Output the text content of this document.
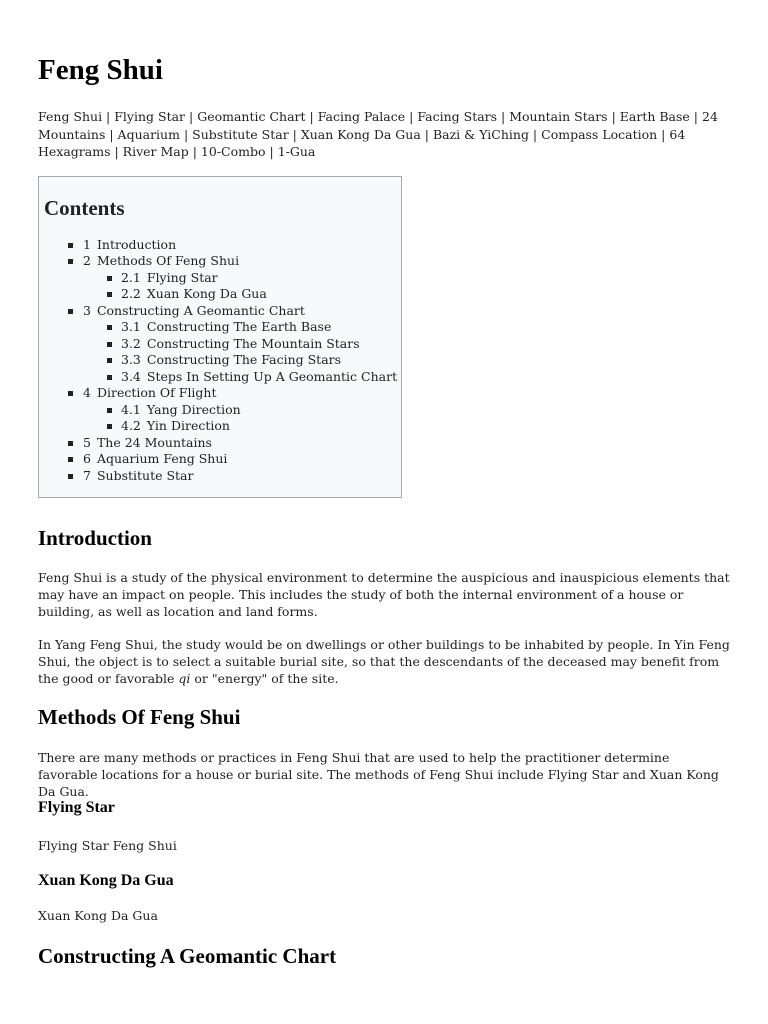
Feng Shui
Feng Shui | Flying Star | Geomantic Chart | Facing Palace | Facing Stars | Mountain Stars | Earth Base | 24 Mountains | Aquarium | Substitute Star | Xuan Kong Da Gua | Bazi & YiChing | Compass Location | 64 Hexagrams | River Map | 10-Combo | 1-Gua
Contents
1 Introduction
2 Methods Of Feng Shui
2.1 Flying Star
2.2 Xuan Kong Da Gua
3 Constructing A Geomantic Chart
3.1 Constructing The Earth Base
3.2 Constructing The Mountain Stars
3.3 Constructing The Facing Stars
3.4 Steps In Setting Up A Geomantic Chart
4 Direction Of Flight
4.1 Yang Direction
4.2 Yin Direction
5 The 24 Mountains
6 Aquarium Feng Shui
7 Substitute Star
Introduction

Feng Shui is a study of the physical environment to determine the auspicious and inauspicious elements that may have an impact on people. This includes the study of both the internal environment of a house or building, as well as location and land forms.

In Yang Feng Shui, the study would be on dwellings or other buildings to be inhabited by people. In Yin Feng Shui, the object is to select a suitable burial site, so that the descendants of the deceased may benefit from the good or favorable qi or "energy" of the site.

Methods Of Feng Shui

There are many methods or practices in Feng Shui that are used to help the practitioner determine favorable locations for a house or burial site. The methods of Feng Shui include Flying Star and Xuan Kong Da Gua.

Flying Star

Flying Star Feng Shui

Xuan Kong Da Gua

Xuan Kong Da Gua

Constructing A Geomantic Chart
